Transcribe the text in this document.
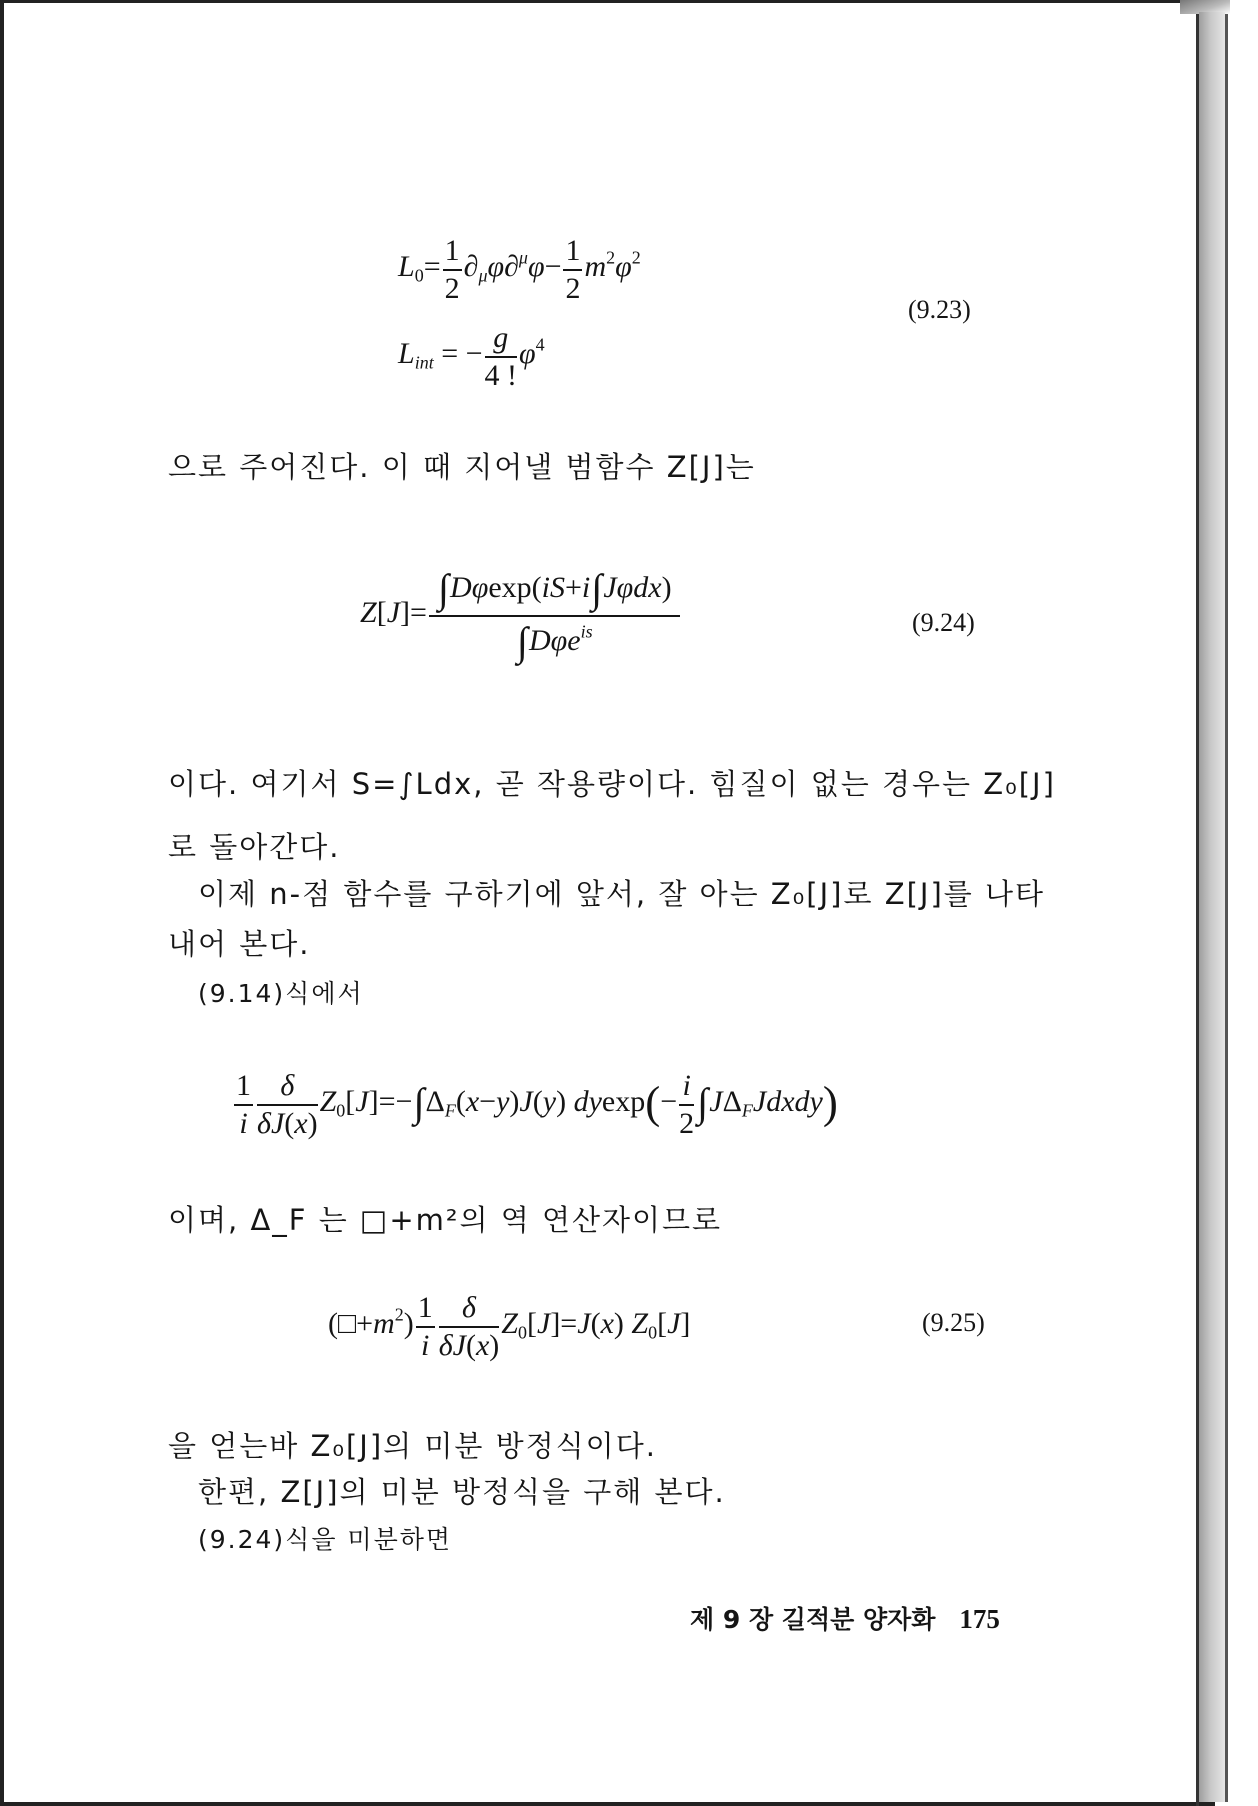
$L_0= \frac{1}{2} \partial_\mu\varphi\partial^\mu\varphi- \frac{1}{2} m^2\varphi^2$
$L_{int}$ = − $\frac{g}{4 !} \varphi^4$
(9.23)
으로 주어진다. 이 때 지어낼 범함수 Z[J]는
$Z[J]= \frac{\text{∫Dφexp(iS+i∫Jφdx)}}{\int D\varphi e^{is}}$	(9.24)
이다. 여기서 S=∫Ldx, 곧 작용량이다. 힘질이 없는 경우는 Z₀[J]
로 돌아간다.
이제 n-점 함수를 구하기에 앞서, 잘 아는 Z₀[J]로 Z[J]를 나타
내어 본다.
(9.14)식에서
$\frac{1}{i} \frac{\delta}{\delta J(x)} Z_0[J]=-\int\Delta_F(x-y)J(y)$ $dyexp(- \frac{i}{2}$ $\int J\Delta_FJdxdy$)
이며, Δ_F 는 □+m²의 역 연산자이므로
$(□+m^2) \frac{1}{i} \frac{\delta}{\delta J(x)} Z_0[J]=J(x)$ $Z_0[J]$	(9.25)
을 얻는바 Z₀[J]의 미분 방정식이다.
한편, Z[J]의 미분 방정식을 구해 본다.
(9.24)식을 미분하면
제 9 장 길적분 양자화 175
